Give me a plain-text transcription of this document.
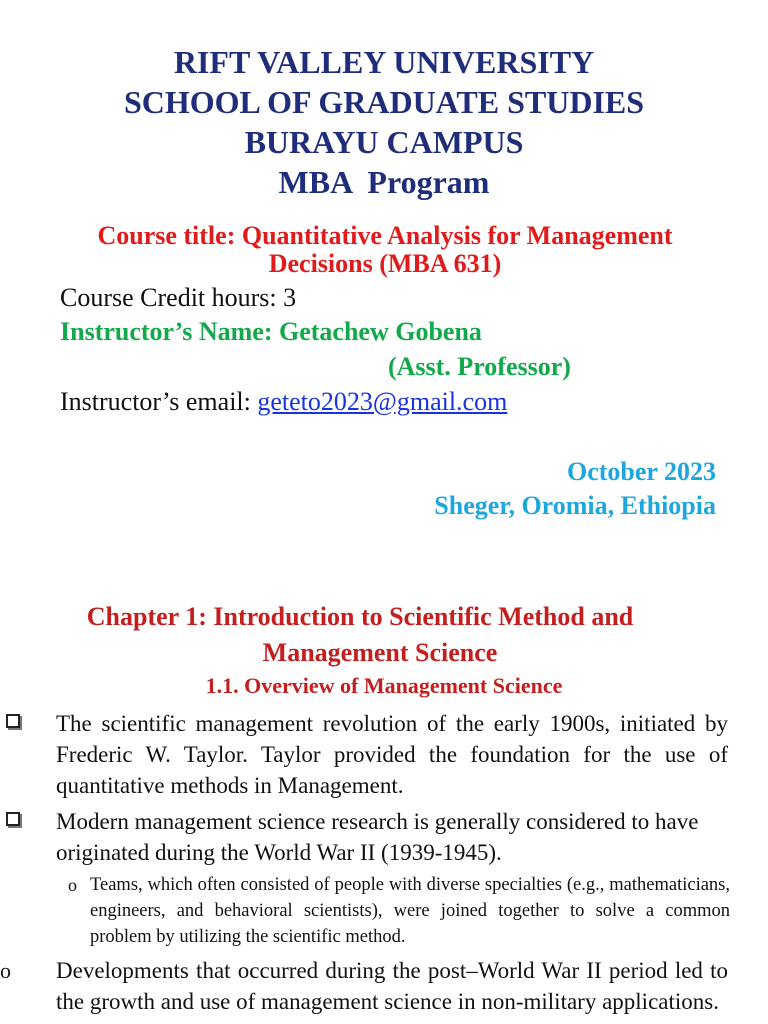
RIFT VALLEY UNIVERSITY
SCHOOL OF GRADUATE STUDIES
BURAYU CAMPUS
MBA  Program
Course title: Quantitative Analysis for Management
Decisions (MBA 631)
Course Credit hours: 3
Instructor’s Name: Getachew Gobena
(Asst. Professor)
Instructor’s email: geteto2023@gmail.com
October 2023
Sheger, Oromia, Ethiopia
Chapter 1: Introduction to Scientific Method and
Management Science
1.1. Overview of Management Science
The scientific management revolution of the early 1900s, initiated by Frederic W. Taylor. Taylor provided the foundation for the use of quantitative methods in Management.
Modern management science research is generally considered to have originated during the World War II (1939-1945).
o Teams, which often consisted of people with diverse specialties (e.g., mathematicians, engineers, and behavioral scientists), were joined together to solve a common problem by utilizing the scientific method.
o Developments that occurred during the post–World War II period led to the growth and use of management science in non-military applications.
